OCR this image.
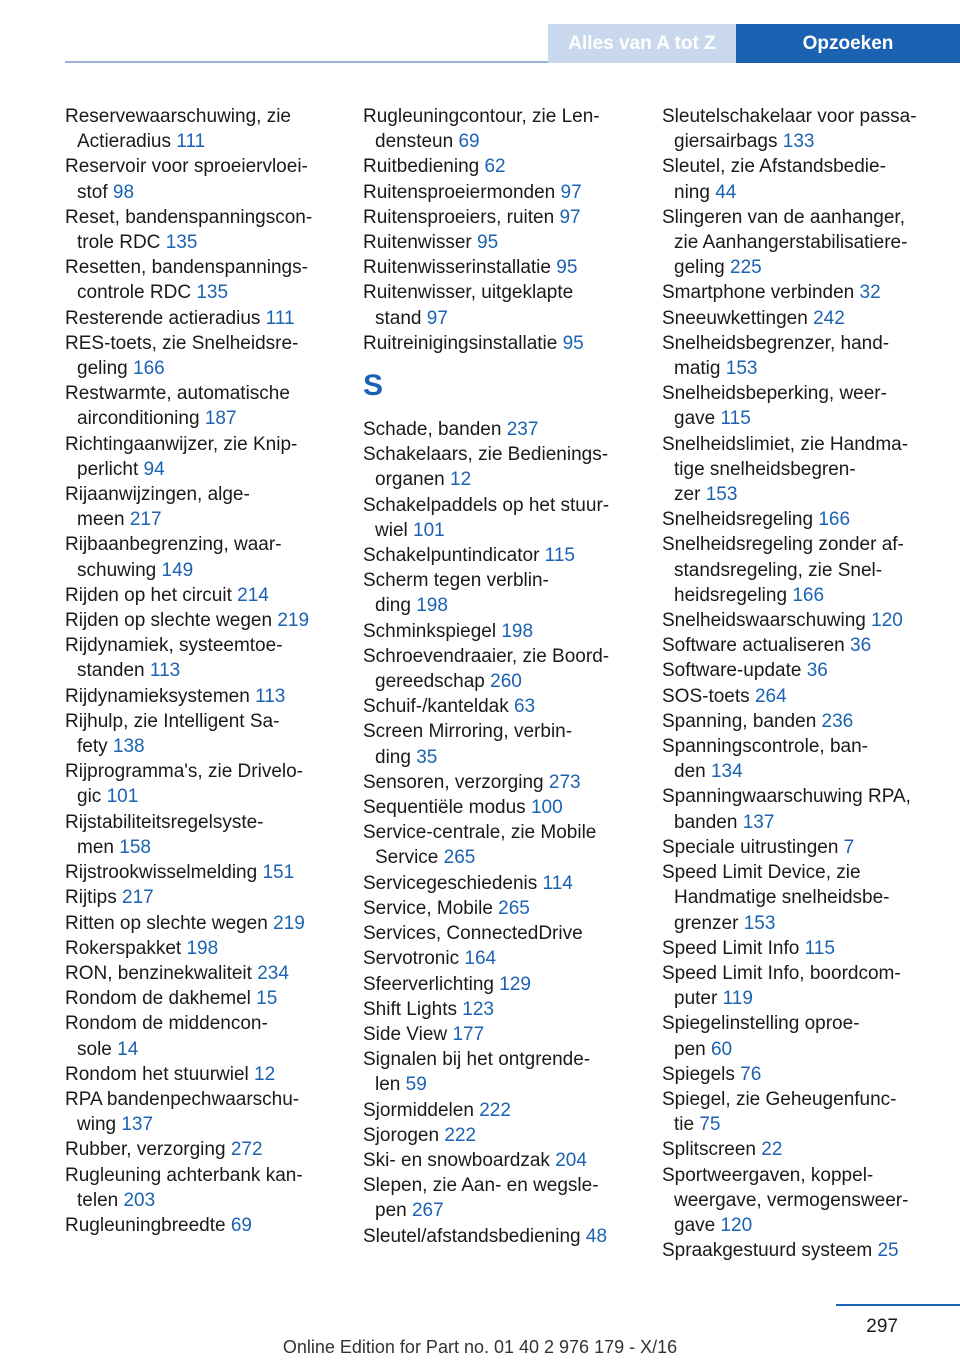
Alles van A tot Z	Opzoeken
Reservewaarschuwing, zie
Actieradius 111
Reservoir voor sproeiervloei-
stof 98
Reset, bandenspanningscon-
trole RDC 135
Resetten, bandenspannings-
controle RDC 135
Resterende actieradius 111
RES-toets, zie Snelheidsre-
geling 166
Restwarmte, automatische
airconditioning 187
Richtingaanwijzer, zie Knip-
perlicht 94
Rijaanwijzingen, alge-
meen 217
Rijbaanbegrenzing, waar-
schuwing 149
Rijden op het circuit 214
Rijden op slechte wegen 219
Rijdynamiek, systeemtoe-
standen 113
Rijdynamieksystemen 113
Rijhulp, zie Intelligent Sa-
fety 138
Rijprogramma's, zie Drivelo-
gic 101
Rijstabiliteitsregelsyste-
men 158
Rijstrookwisselmelding 151
Rijtips 217
Ritten op slechte wegen 219
Rokerspakket 198
RON, benzinekwaliteit 234
Rondom de dakhemel 15
Rondom de middencon-
sole 14
Rondom het stuurwiel 12
RPA bandenpechwaarschu-
wing 137
Rubber, verzorging 272
Rugleuning achterbank kan-
telen 203
Rugleuningbreedte 69
Rugleuningcontour, zie Len-
densteun 69
Ruitbediening 62
Ruitensproeiermonden 97
Ruitensproeiers, ruiten 97
Ruitenwisser 95
Ruitenwisserinstallatie 95
Ruitenwisser, uitgeklapte
stand 97
Ruitreinigingsinstallatie 95
S
Schade, banden 237
Schakelaars, zie Bedienings-
organen 12
Schakelpaddels op het stuur-
wiel 101
Schakelpuntindicator 115
Scherm tegen verblin-
ding 198
Schminkspiegel 198
Schroevendraaier, zie Boord-
gereedschap 260
Schuif-/kanteldak 63
Screen Mirroring, verbin-
ding 35
Sensoren, verzorging 273
Sequentiële modus 100
Service-centrale, zie Mobile
Service 265
Servicegeschiedenis 114
Service, Mobile 265
Services, ConnectedDrive
Servotronic 164
Sfeerverlichting 129
Shift Lights 123
Side View 177
Signalen bij het ontgrende-
len 59
Sjormiddelen 222
Sjorogen 222
Ski- en snowboardzak 204
Slepen, zie Aan- en wegsle-
pen 267
Sleutel/afstandsbediening 48
Sleutelschakelaar voor passa-
giersairbags 133
Sleutel, zie Afstandsbedie-
ning 44
Slingeren van de aanhanger,
zie Aanhangerstabilisatiere-
geling 225
Smartphone verbinden 32
Sneeuwkettingen 242
Snelheidsbegrenzer, hand-
matig 153
Snelheidsbeperking, weer-
gave 115
Snelheidslimiet, zie Handma-
tige snelheidsbegren-
zer 153
Snelheidsregeling 166
Snelheidsregeling zonder af-
standsregeling, zie Snel-
heidsregeling 166
Snelheidswaarschuwing 120
Software actualiseren 36
Software-update 36
SOS-toets 264
Spanning, banden 236
Spanningscontrole, ban-
den 134
Spanningwaarschuwing RPA,
banden 137
Speciale uitrustingen 7
Speed Limit Device, zie
Handmatige snelheidsbe-
grenzer 153
Speed Limit Info 115
Speed Limit Info, boordcom-
puter 119
Spiegelinstelling oproe-
pen 60
Spiegels 76
Spiegel, zie Geheugenfunc-
tie 75
Splitscreen 22
Sportweergaven, koppel-
weergave, vermogensweer-
gave 120
Spraakgestuurd systeem 25
297
Online Edition for Part no. 01 40 2 976 179 - X/16
